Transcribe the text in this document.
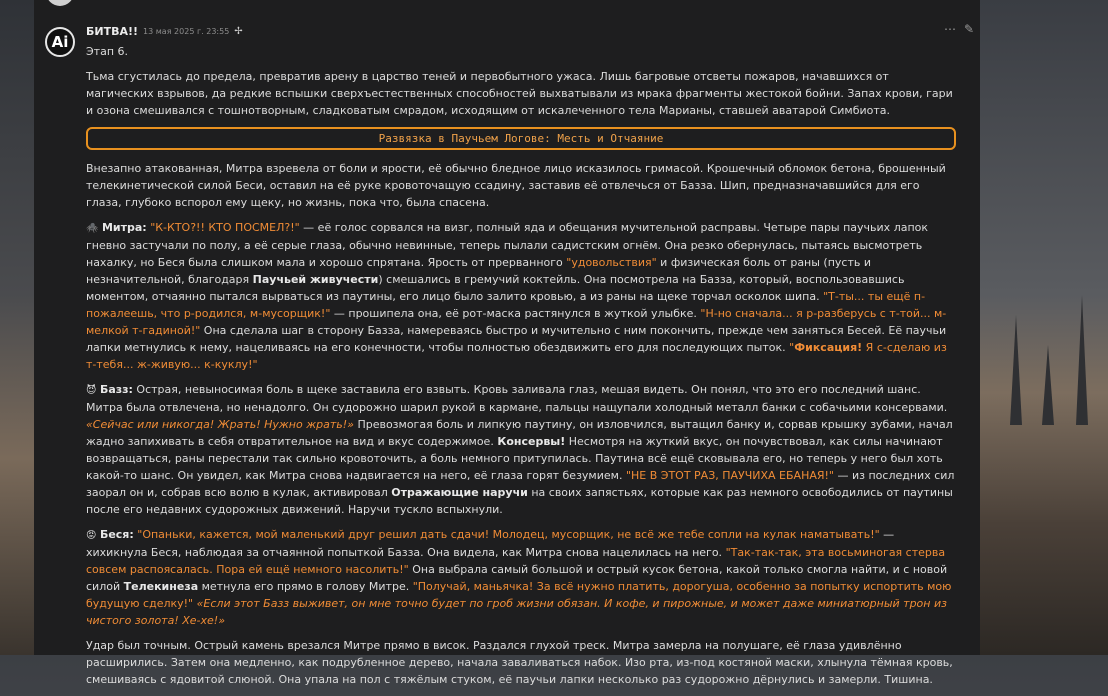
Ai
БИТВА!! 13 мая 2025 г. 23:55 ✢	⋯ ✎

Этап 6.

Тьма сгустилась до предела, превратив арену в царство теней и первобытного ужаса. Лишь багровые отсветы пожаров, начавшихся от магических взрывов, да редкие вспышки сверхъестественных способностей выхватывали из мрака фрагменты жестокой бойни. Запах крови, гари и озона смешивался с тошнотворным, сладковатым смрадом, исходящим от искалеченного тела Марианы, ставшей аватарой Симбиота.

Развязка в Паучьем Логове: Месть и Отчаяние

Внезапно атакованная, Митра взревела от боли и ярости, её обычно бледное лицо исказилось гримасой. Крошечный обломок бетона, брошенный телекинетической силой Беси, оставил на её руке кровоточащую ссадину, заставив её отвлечься от Базза. Шип, предназначавшийся для его глаза, глубоко вспорол ему щеку, но жизнь, пока что, была спасена.

🕷️ Митра: "К-КТО?!! КТО ПОСМЕЛ?!" — её голос сорвался на визг, полный яда и обещания мучительной расправы. Четыре пары паучьих лапок гневно застучали по полу, а её серые глаза, обычно невинные, теперь пылали садистским огнём. Она резко обернулась, пытаясь высмотреть нахалку, но Беся была слишком мала и хорошо спрятана. Ярость от прерванного "удовольствия" и физическая боль от раны (пусть и незначительной, благодаря Паучьей живучести) смешались в гремучий коктейль. Она посмотрела на Базза, который, воспользовавшись моментом, отчаянно пытался вырваться из паутины, его лицо было залито кровью, а из раны на щеке торчал осколок шипа. "Т-ты... ты ещё п-пожалеешь, что р-родился, м-мусорщик!" — прошипела она, её рот-маска растянулся в жуткой улыбке. "Н-но сначала... я р-разберусь с т-той... м-мелкой т-гадиной!" Она сделала шаг в сторону Базза, намереваясь быстро и мучительно с ним покончить, прежде чем заняться Бесей. Её паучьи лапки метнулись к нему, нацеливаясь на его конечности, чтобы полностью обездвижить его для последующих пыток. "Фиксация! Я с-сделаю из т-тебя... ж-живую... к-куклу!"

😈 Базз: Острая, невыносимая боль в щеке заставила его взвыть. Кровь заливала глаз, мешая видеть. Он понял, что это его последний шанс. Митра была отвлечена, но ненадолго. Он судорожно шарил рукой в кармане, пальцы нащупали холодный металл банки с собачьими консервами. «Сейчас или никогда! Жрать! Нужно жрать!» Превозмогая боль и липкую паутину, он изловчился, вытащил банку и, сорвав крышку зубами, начал жадно запихивать в себя отвратительное на вид и вкус содержимое. Консервы! Несмотря на жуткий вкус, он почувствовал, как силы начинают возвращаться, раны перестали так сильно кровоточить, а боль немного притупилась. Паутина всё ещё сковывала его, но теперь у него был хоть какой-то шанс. Он увидел, как Митра снова надвигается на него, её глаза горят безумием. "НЕ В ЭТОТ РАЗ, ПАУЧИХА ЕБАНАЯ!" — из последних сил заорал он и, собрав всю волю в кулак, активировал Отражающие наручи на своих запястьях, которые как раз немного освободились от паутины после его недавних судорожных движений. Наручи тускло вспыхнули.

😡 Беся: "Опаньки, кажется, мой маленький друг решил дать сдачи! Молодец, мусорщик, не всё же тебе сопли на кулак наматывать!" — хихикнула Беся, наблюдая за отчаянной попыткой Базза. Она видела, как Митра снова нацелилась на него. "Так-так-так, эта восьминогая стерва совсем распоясалась. Пора ей ещё немного насолить!" Она выбрала самый большой и острый кусок бетона, какой только смогла найти, и с новой силой Телекинеза метнула его прямо в голову Митре. "Получай, маньячка! За всё нужно платить, дорогуша, особенно за попытку испортить мою будущую сделку!" «Если этот Базз выживет, он мне точно будет по гроб жизни обязан. И кофе, и пирожные, и может даже миниатюрный трон из чистого золота! Хе-хе!»

Удар был точным. Острый камень врезался Митре прямо в висок. Раздался глухой треск. Митра замерла на полушаге, её глаза удивлённо расширились. Затем она медленно, как подрубленное дерево, начала заваливаться набок. Изо рта, из-под костяной маски, хлынула тёмная кровь, смешиваясь с ядовитой слюной. Она упала на пол с тяжёлым стуком, её паучьи лапки несколько раз судорожно дёрнулись и замерли. Тишина.
